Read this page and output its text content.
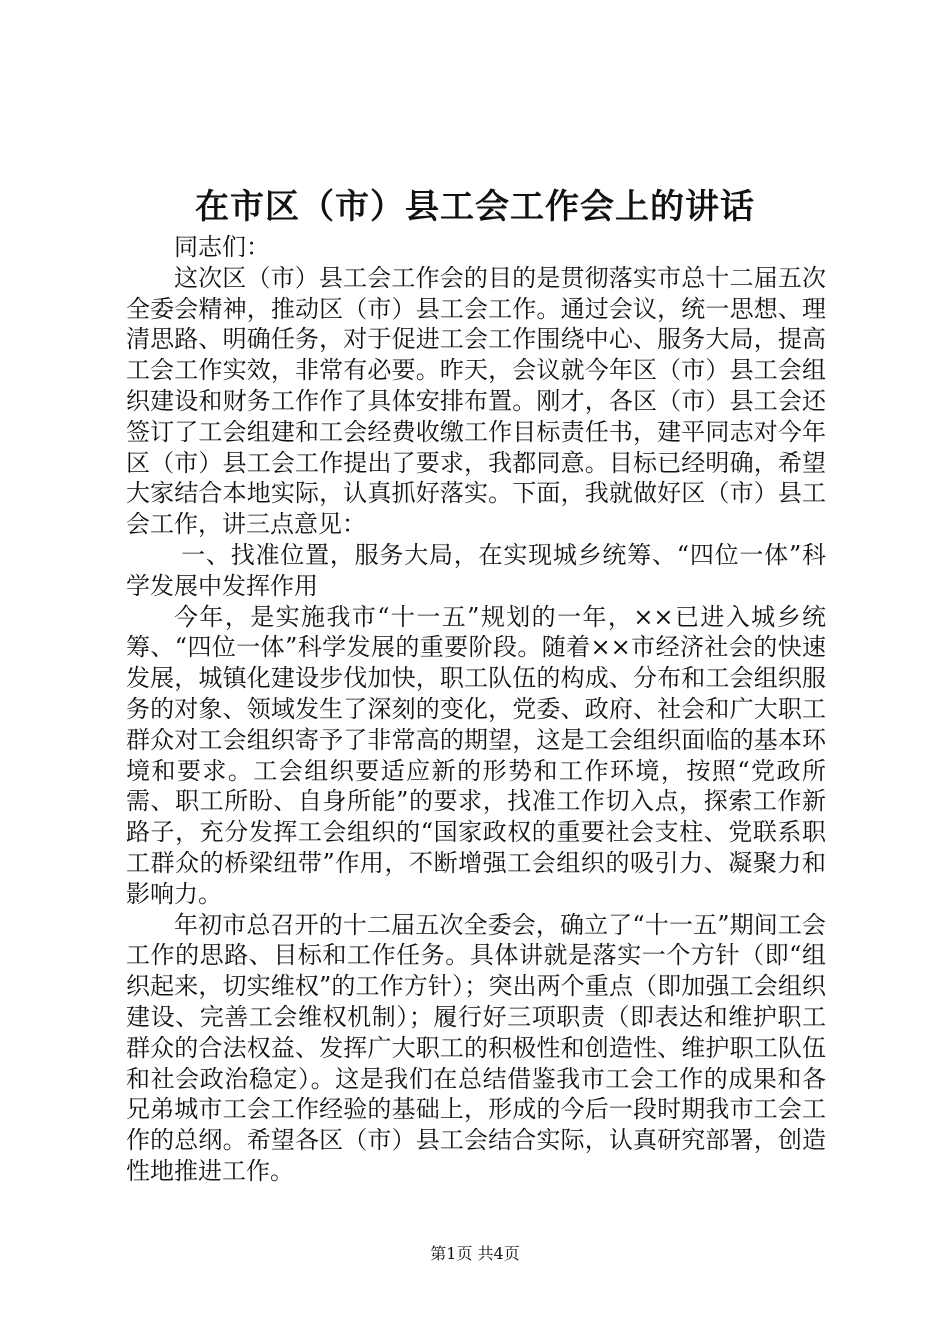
在市区（市）县工会工作会上的讲话

同志们：

这次区（市）县工会工作会的目的是贯彻落实市总十二届五次全委会精神，推动区（市）县工会工作。通过会议，统一思想、理清思路、明确任务，对于促进工会工作围绕中心、服务大局，提高工会工作实效，非常有必要。昨天，会议就今年区（市）县工会组织建设和财务工作作了具体安排布置。刚才，各区（市）县工会还签订了工会组建和工会经费收缴工作目标责任书，建平同志对今年区（市）县工会工作提出了要求，我都同意。目标已经明确，希望大家结合本地实际，认真抓好落实。下面，我就做好区（市）县工会工作，讲三点意见：

一、找准位置，服务大局，在实现城乡统筹、“四位一体”科学发展中发挥作用

今年，是实施我市“十一五”规划的一年，××已进入城乡统筹、“四位一体”科学发展的重要阶段。随着××市经济社会的快速发展，城镇化建设步伐加快，职工队伍的构成、分布和工会组织服务的对象、领域发生了深刻的变化，党委、政府、社会和广大职工群众对工会组织寄予了非常高的期望，这是工会组织面临的基本环境和要求。工会组织要适应新的形势和工作环境，按照“党政所需、职工所盼、自身所能”的要求，找准工作切入点，探索工作新路子，充分发挥工会组织的“国家政权的重要社会支柱、党联系职工群众的桥梁纽带”作用，不断增强工会组织的吸引力、凝聚力和影响力。

年初市总召开的十二届五次全委会，确立了“十一五”期间工会工作的思路、目标和工作任务。具体讲就是落实一个方针（即“组织起来，切实维权”的工作方针）；突出两个重点（即加强工会组织建设、完善工会维权机制）；履行好三项职责（即表达和维护职工群众的合法权益、发挥广大职工的积极性和创造性、维护职工队伍和社会政治稳定）。这是我们在总结借鉴我市工会工作的成果和各兄弟城市工会工作经验的基础上，形成的今后一段时期我市工会工作的总纲。希望各区（市）县工会结合实际，认真研究部署，创造性地推进工作。

第1页 共4页
